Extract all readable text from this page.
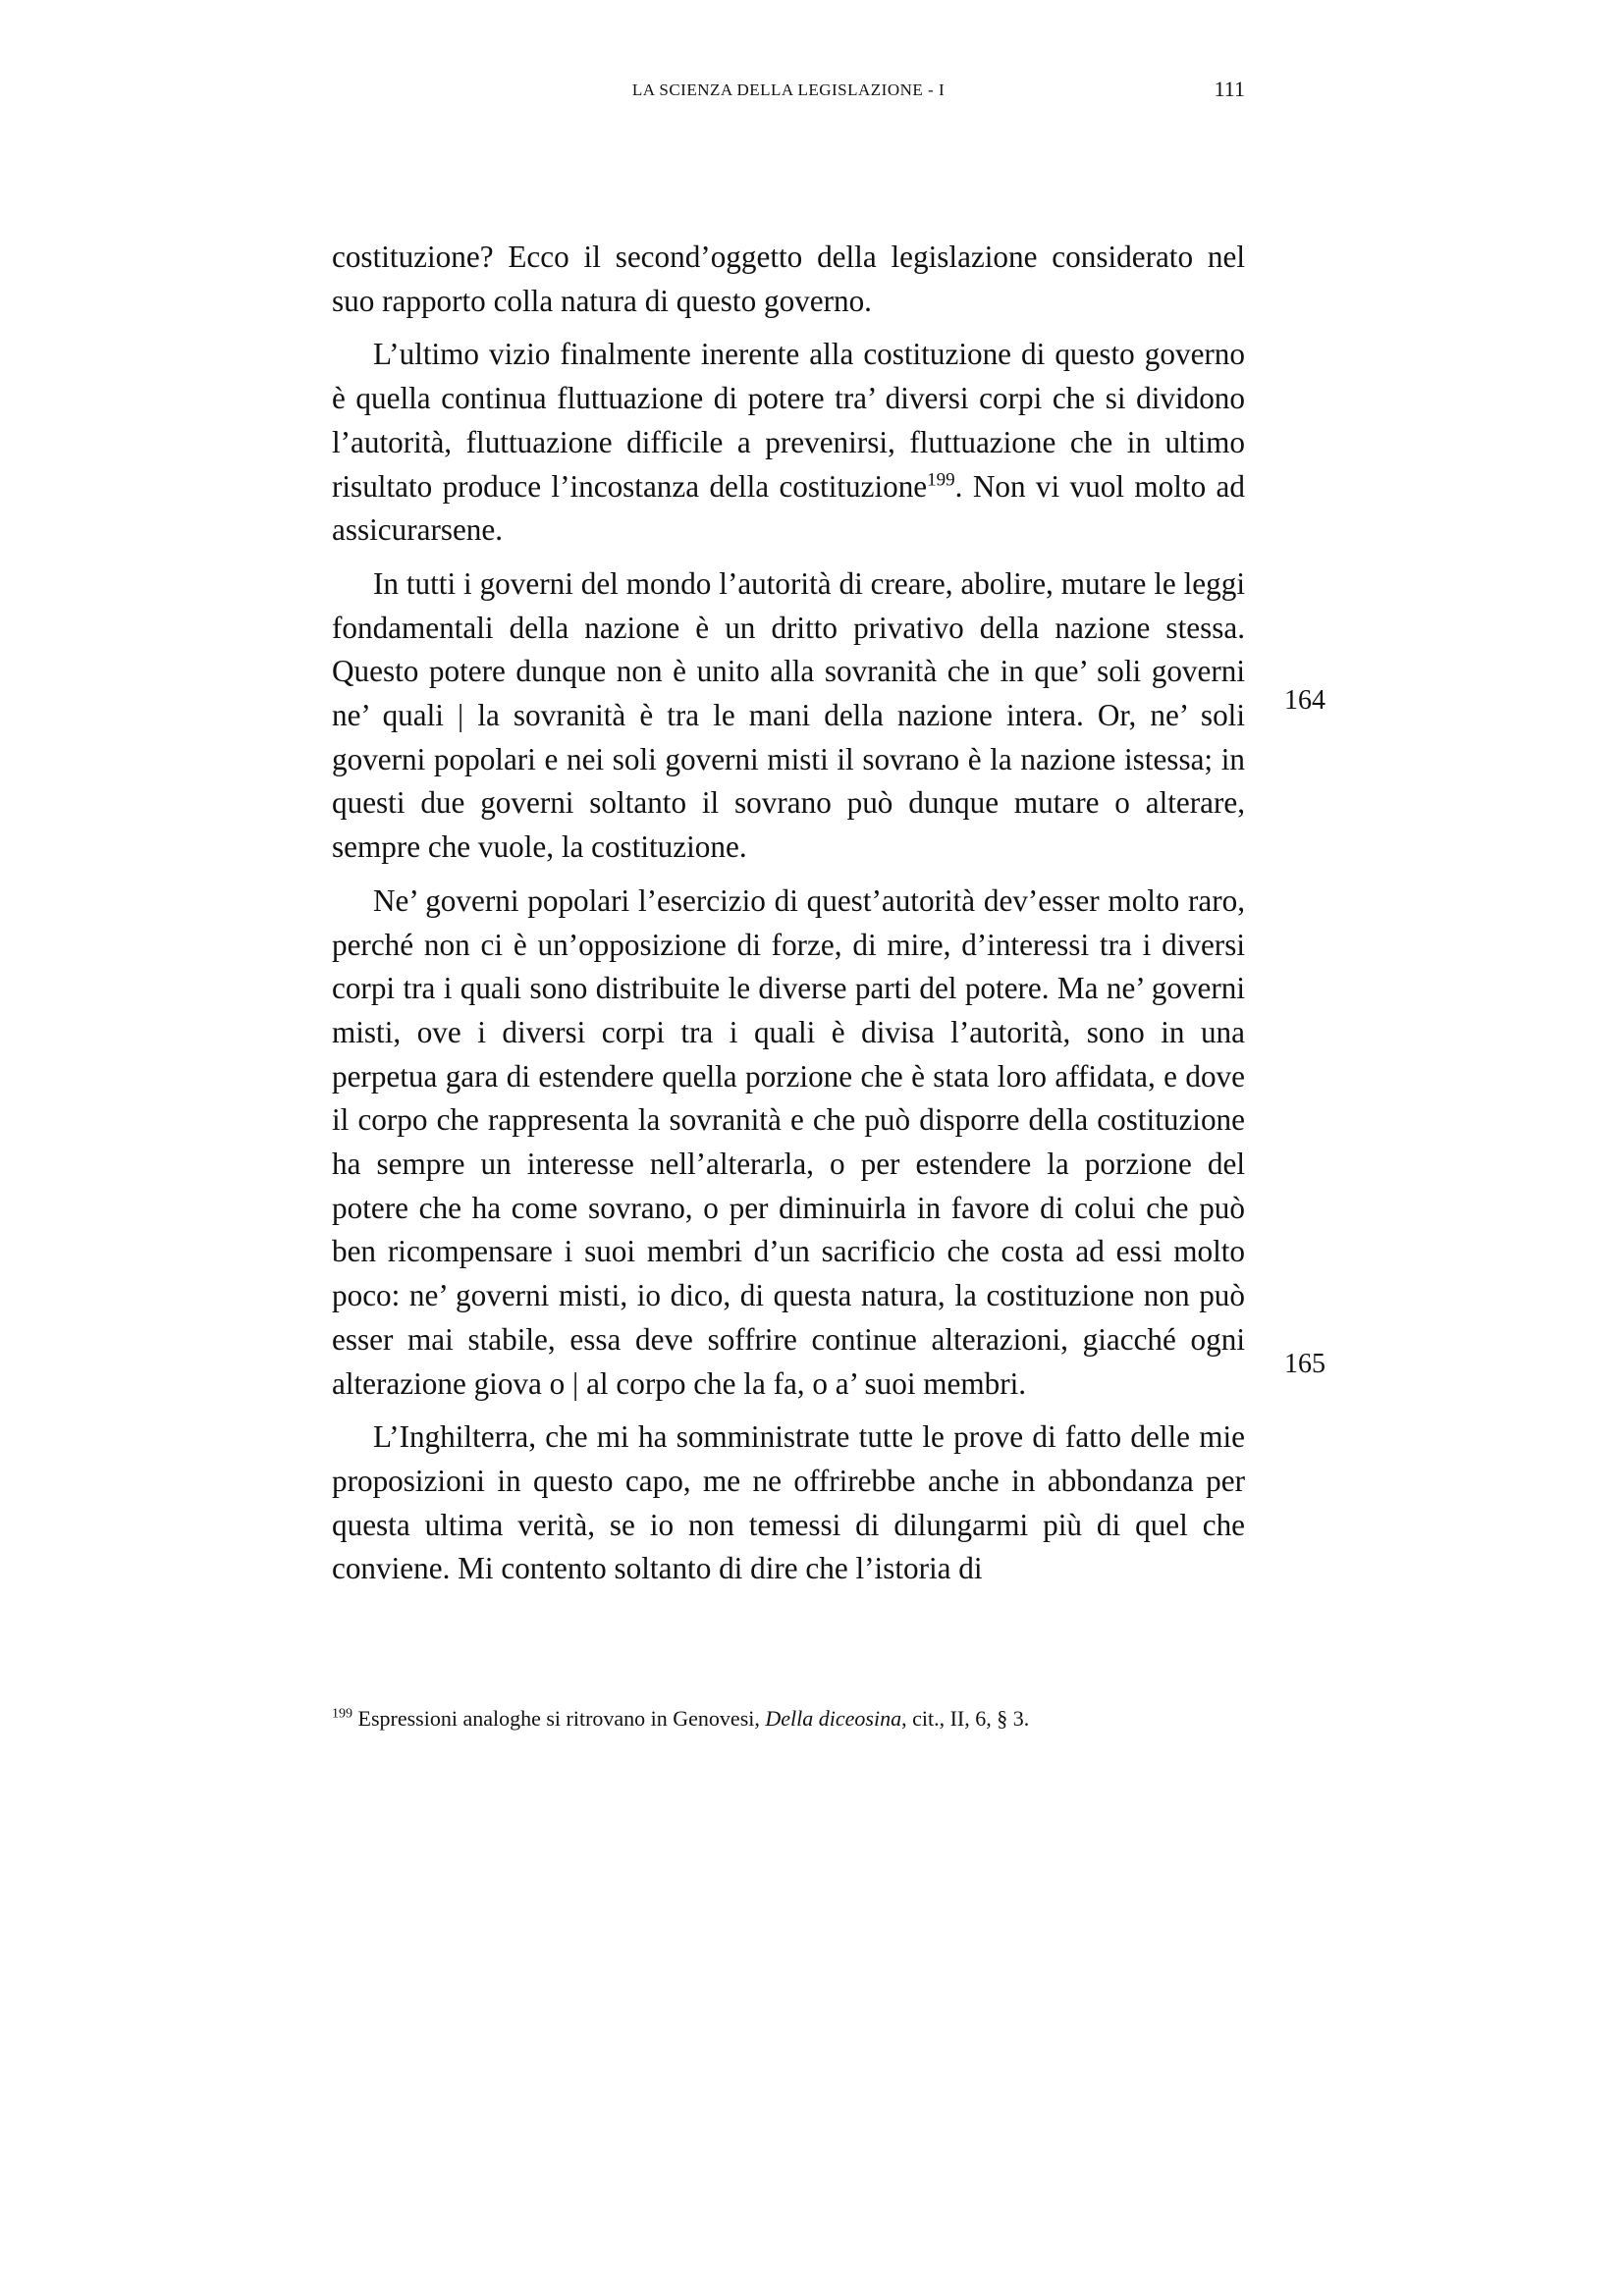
LA SCIENZA DELLA LEGISLAZIONE - I	111

costituzione? Ecco il second’oggetto della legislazione considerato nel suo rapporto colla natura di questo governo.

L’ultimo vizio finalmente inerente alla costituzione di questo governo è quella continua fluttuazione di potere tra’ diversi corpi che si dividono l’autorità, fluttuazione difficile a prevenirsi, fluttuazione che in ultimo risultato produce l’incostanza della costituzione$^{199}$. Non vi vuol molto ad assicurarsene.

In tutti i governi del mondo l’autorità di creare, abolire, mutare le leggi fondamentali della nazione è un dritto privativo della nazione stessa. Questo potere dunque non è unito alla sovranità che in que’ soli governi ne’ quali | la sovranità è tra le mani della nazione intera. Or, ne’ soli governi popolari e nei soli governi misti il sovrano è la nazione istessa; in questi due governi soltanto il sovrano può dunque mutare o alterare, sempre che vuole, la costituzione.

Ne’ governi popolari l’esercizio di quest’autorità dev’esser molto raro, perché non ci è un’opposizione di forze, di mire, d’interessi tra i diversi corpi tra i quali sono distribuite le diverse parti del potere. Ma ne’ governi misti, ove i diversi corpi tra i quali è divisa l’autorità, sono in una perpetua gara di estendere quella porzione che è stata loro affidata, e dove il corpo che rappresenta la sovranità e che può disporre della costituzione ha sempre un interesse nell’alterarla, o per estendere la porzione del potere che ha come sovrano, o per diminuirla in favore di colui che può ben ricompensare i suoi membri d’un sacrificio che costa ad essi molto poco: ne’ governi misti, io dico, di questa natura, la costituzione non può esser mai stabile, essa deve soffrire continue alterazioni, giacché ogni alterazione giova o | al corpo che la fa, o a’ suoi membri.

L’Inghilterra, che mi ha somministrate tutte le prove di fatto delle mie proposizioni in questo capo, me ne offrirebbe anche in abbondanza per questa ultima verità, se io non temessi di dilungarmi più di quel che conviene. Mi contento soltanto di dire che l’istoria di

164
165
$^{199}$ Espressioni analoghe si ritrovano in Genovesi, Della diceosina, cit., II, 6, § 3.
